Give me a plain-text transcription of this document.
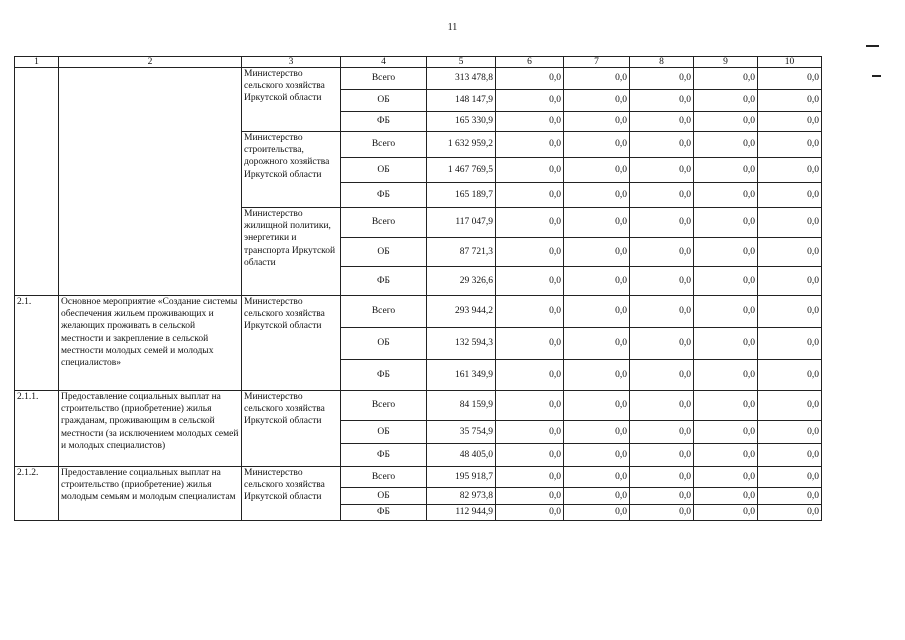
11
1	2	3	4	5	6	7	8	9	10
		Министерство сельского хозяйства Иркутской области	Всего	313 478,8	0,0	0,0	0,0	0,0	0,0
			ОБ	148 147,9	0,0	0,0	0,0	0,0	0,0
			ФБ	165 330,9	0,0	0,0	0,0	0,0	0,0
		Министерство строительства, дорожного хозяйства Иркутской области	Всего	1 632 959,2	0,0	0,0	0,0	0,0	0,0
			ОБ	1 467 769,5	0,0	0,0	0,0	0,0	0,0
			ФБ	165 189,7	0,0	0,0	0,0	0,0	0,0
		Министерство жилищной политики, энергетики и транспорта Иркутской области	Всего	117 047,9	0,0	0,0	0,0	0,0	0,0
			ОБ	87 721,3	0,0	0,0	0,0	0,0	0,0
			ФБ	29 326,6	0,0	0,0	0,0	0,0	0,0
2.1.	Основное мероприятие «Создание системы обеспечения жильем проживающих и желающих проживать в сельской местности и закрепление в сельской местности молодых семей и молодых специалистов»	Министерство сельского хозяйства Иркутской области	Всего	293 944,2	0,0	0,0	0,0	0,0	0,0
			ОБ	132 594,3	0,0	0,0	0,0	0,0	0,0
			ФБ	161 349,9	0,0	0,0	0,0	0,0	0,0
2.1.1.	Предоставление социальных выплат на строительство (приобретение) жилья гражданам, проживающим в сельской местности (за исключением молодых семей и молодых специалистов)	Министерство сельского хозяйства Иркутской области	Всего	84 159,9	0,0	0,0	0,0	0,0	0,0
			ОБ	35 754,9	0,0	0,0	0,0	0,0	0,0
			ФБ	48 405,0	0,0	0,0	0,0	0,0	0,0
2.1.2.	Предоставление социальных выплат на строительство (приобретение) жилья молодым семьям и молодым специалистам	Министерство сельского хозяйства Иркутской области	Всего	195 918,7	0,0	0,0	0,0	0,0	0,0
			ОБ	82 973,8	0,0	0,0	0,0	0,0	0,0
			ФБ	112 944,9	0,0	0,0	0,0	0,0	0,0
